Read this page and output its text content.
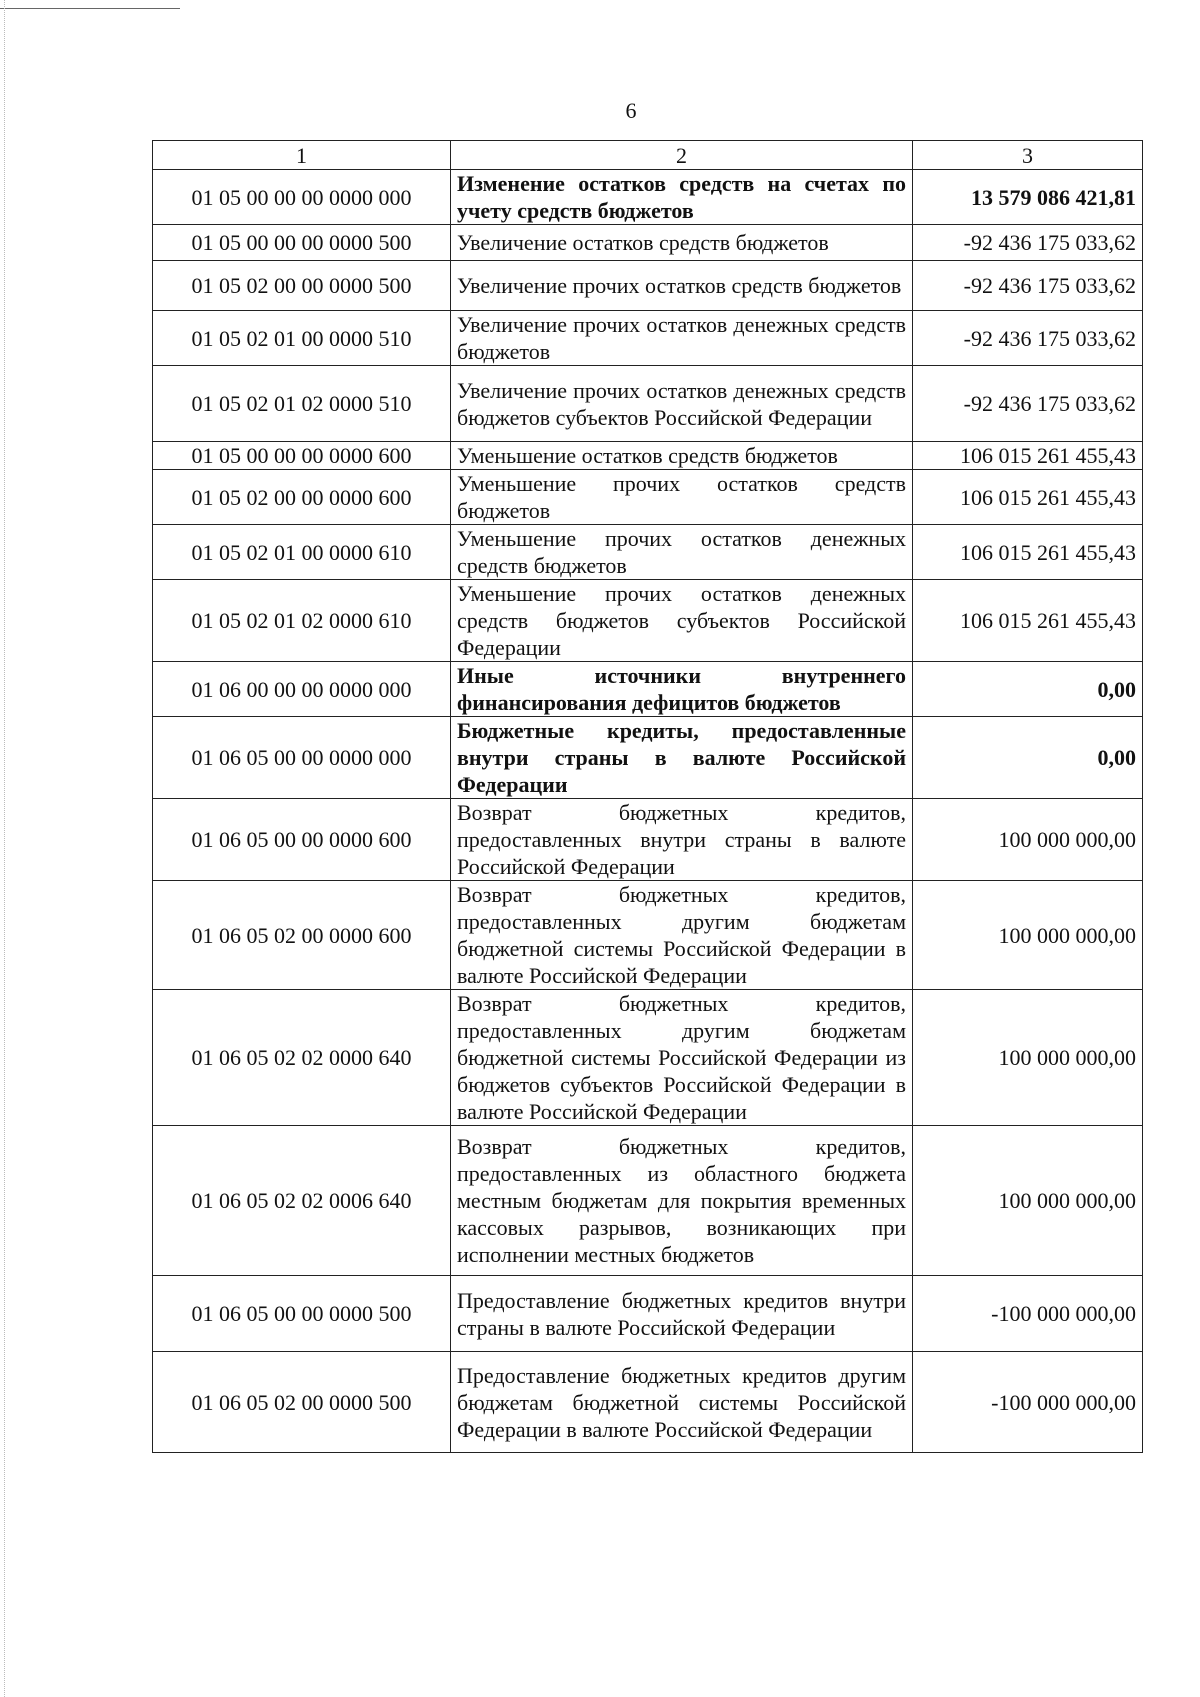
6
1	2	3
01 05 00 00 00 0000 000	Изменение остатков средств на счетах по учету средств бюджетов	13 579 086 421,81
01 05 00 00 00 0000 500	Увеличение остатков средств бюджетов	-92 436 175 033,62
01 05 02 00 00 0000 500	Увеличение прочих остатков средств бюджетов	-92 436 175 033,62
01 05 02 01 00 0000 510	Увеличение прочих остатков денежных средств бюджетов	-92 436 175 033,62
01 05 02 01 02 0000 510	Увеличение прочих остатков денежных средств бюджетов субъектов Российской Федерации	-92 436 175 033,62
01 05 00 00 00 0000 600	Уменьшение остатков средств бюджетов	106 015 261 455,43
01 05 02 00 00 0000 600	Уменьшение прочих остатков средств бюджетов	106 015 261 455,43
01 05 02 01 00 0000 610	Уменьшение прочих остатков денежных средств бюджетов	106 015 261 455,43
01 05 02 01 02 0000 610	Уменьшение прочих остатков денежных средств бюджетов субъектов Российской Федерации	106 015 261 455,43
01 06 00 00 00 0000 000	Иные источники внутреннего финансирования дефицитов бюджетов	0,00
01 06 05 00 00 0000 000	Бюджетные кредиты, предоставленные внутри страны в валюте Российской Федерации	0,00
01 06 05 00 00 0000 600	Возврат бюджетных кредитов, предоставленных внутри страны в валюте Российской Федерации	100 000 000,00
01 06 05 02 00 0000 600	Возврат бюджетных кредитов, предоставленных другим бюджетам бюджетной системы Российской Федерации в валюте Российской Федерации	100 000 000,00
01 06 05 02 02 0000 640	Возврат бюджетных кредитов, предоставленных другим бюджетам бюджетной системы Российской Федерации из бюджетов субъектов Российской Федерации в валюте Российской Федерации	100 000 000,00
01 06 05 02 02 0006 640	Возврат бюджетных кредитов, предоставленных из областного бюджета местным бюджетам для покрытия временных кассовых разрывов, возникающих при исполнении местных бюджетов	100 000 000,00
01 06 05 00 00 0000 500	Предоставление бюджетных кредитов внутри страны в валюте Российской Федерации	-100 000 000,00
01 06 05 02 00 0000 500	Предоставление бюджетных кредитов другим бюджетам бюджетной системы Российской Федерации в валюте Российской Федерации	-100 000 000,00
